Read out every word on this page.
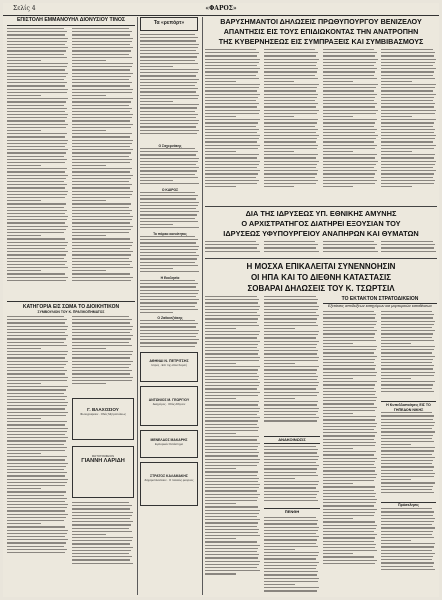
Σελίς 4	«ΦΑΡΟΣ»
ΕΠΙΣΤΟΛΗ ΕΜΜΑΝΟΥΗΛ ΔΙΟΝΥΣΙΟΥ ΤΙΝΟΣ
ΚΑΤΗΓΟΡΙΑ ΕΙΣ ΣΩΜΑ ΤΟ ΔΙΟΙΚΗΤΙΚΟΝ
ΣΥΜΒΟΥΛΙΟΝ ΤΟΥ Κ. ΠΡΑΞΙΚΟΠΗΜΑΤΟΣ
Γ. ΒΛΑΧΟΣΙΟΥ
Φωτογραφείον · Οδός Μητροπόλεως
ΦΩΤΟΓΡΑΦΕΙΟΝ
ΓΙΑΝΝΗ ΛΑΡΙΔΗ
Τα «ρεπόρτ»
Ο Σαχερνάκης
Ο ΚΑΙΡΟΣ
Το πάρκο κοινότητος
Η Εκκλησία
Ο Ζαθουτζιάκης
ΑΘΗΝΑΙ Ν. ΠΕΤΡΙΤΣΗΣ
Ιατρός · Επί της οδού Κοραή
ΑΝΤΩΝΙΟΣ Μ. ΓΕΩΡΓΙΟΥ
Δικηγόρος · Οδός Αθηνών
ΜΕΝΕΛΑΟΣ ΜΑΚΑΡΗΣ
Εμπορικόν Κατάστημα
ΣΤΡΑΤΟΣ ΚΑΛΑΜΑΚΗΣ
Ζαχαροπλαστείον · Ο παλαιός φούρνος
ΒΑΡΥΣΗΜΑΝΤΟΙ ΔΗΛΩΣΕΙΣ ΠΡΩΘΥΠΟΥΡΓΟΥ ΒΕΝΙΖΕΛΟΥ
ΑΠΑΝΤΗΣΙΣ ΕΙΣ ΤΟΥΣ ΕΠΙΔΙΩΚΟΝΤΑΣ ΤΗΝ ΑΝΑΤΡΟΠΗΝ
ΤΗΣ ΚΥΒΕΡΝΗΣΕΩΣ ΕΙΣ ΣΥΜΠΡΑΞΕΙΣ ΚΑΙ ΣΥΜΒΙΒΑΣΜΟΥΣ
ΔΙΑ ΤΗΣ ΙΔΡΥΣΕΩΣ ΥΠ. ΕΘΝΙΚΗΣ ΑΜΥΝΗΣ
Ο ΑΡΧΙΣΤΡΑΤΗΓΟΣ ΔΙΑΤΗΡΕΙ ΕΞΟΥΣΙΑΝ ΤΟΥ
ΙΔΡΥΣΕΩΣ ΥΦΥΠΟΥΡΓΕΙΟΥ ΑΝΑΠΗΡΩΝ ΚΑΙ ΘΥΜΑΤΩΝ
Η ΜΟΣΧΑ ΕΠΙΚΑΛΕΙΤΑΙ ΣΥΝΕΝΝΟΗΣΙΝ
ΟΙ ΗΠΑ ΚΑΙ ΤΟ ΔΙΕΘΝΗ ΚΑΤΑΣΤΑΣΙΣ
ΣΟΒΑΡΑΙ ΔΗΛΩΣΕΙΣ ΤΟΥ Κ. ΤΣΩΡΤΣΙΛ
ΑΝΑΚΟΙΝΩΣΙΣ
ΠΕΝΘΗ
ΤΟ ΕΚΤΑΚΤΟΝ ΣΤΡΑΤΟΔΙΚΕΙΟΝ
Εξετάσεις αποδείξεων κατηγόρων και μαρτυρικών καταθέσεων
Η Κυπελλοποίησις ΕΙΣ ΤΟ ΓΗΠΕΔΟΝ ΝΙΚΗΣ
Πρόσκλησις
